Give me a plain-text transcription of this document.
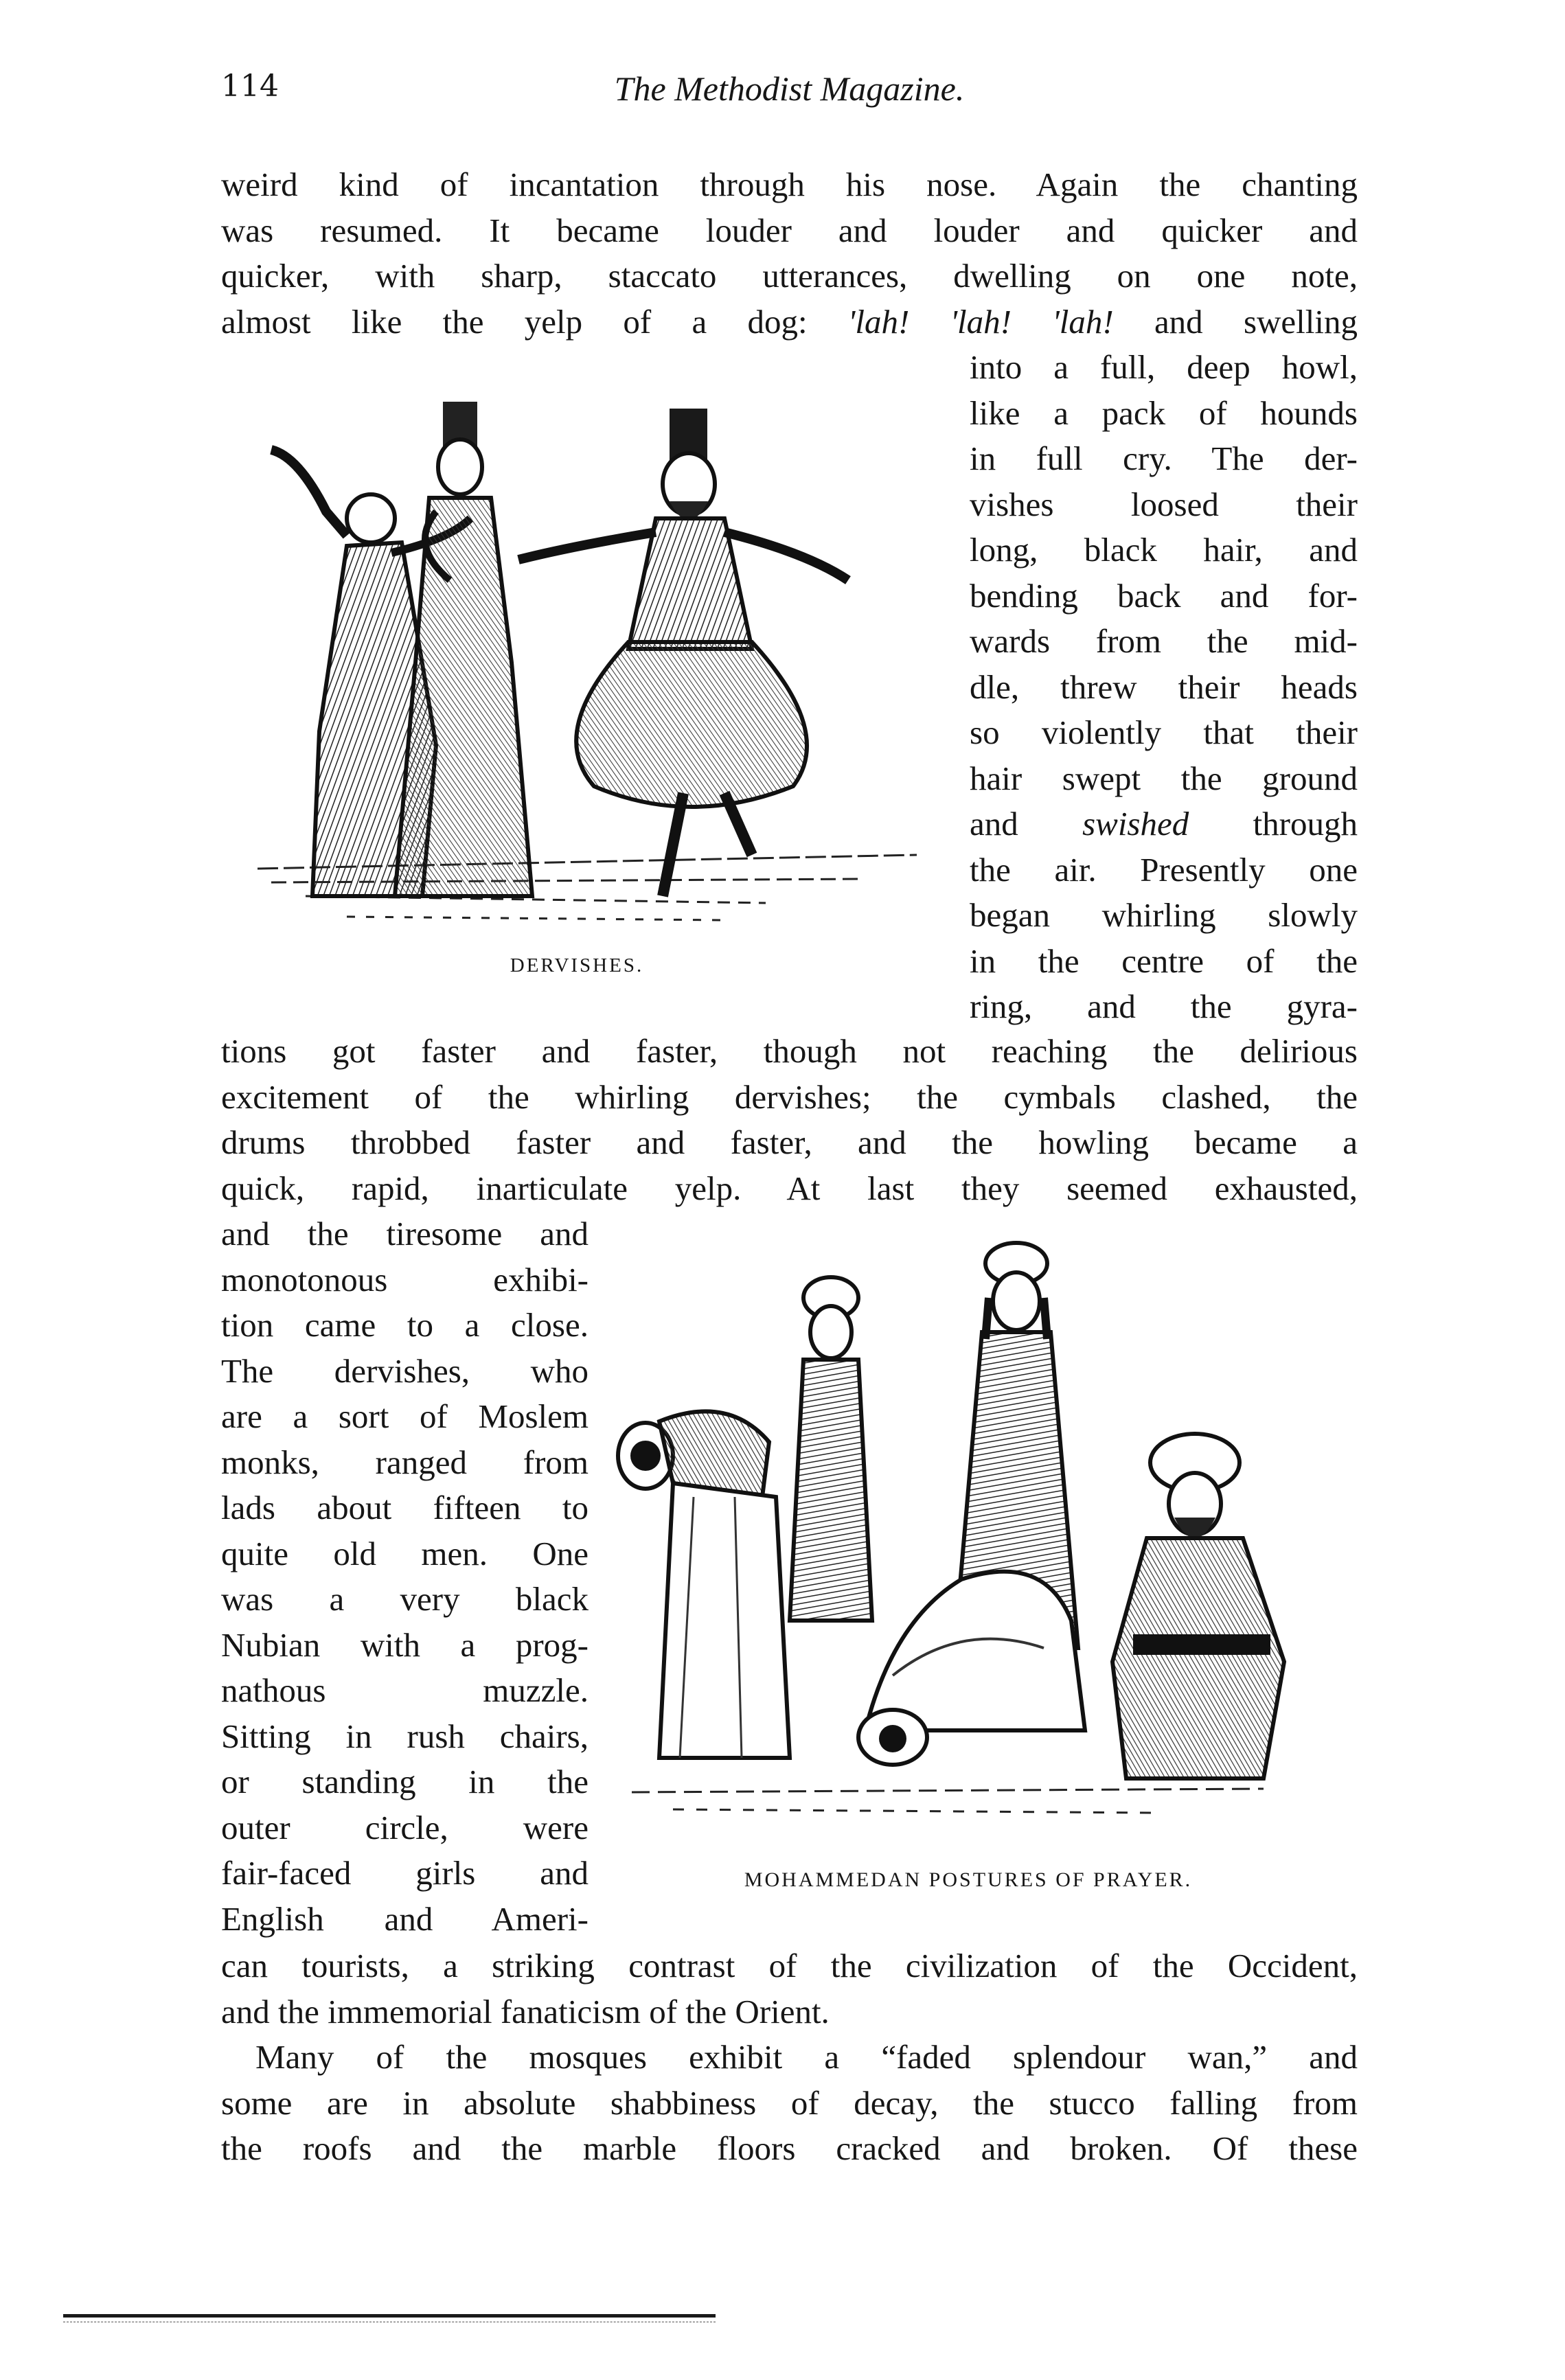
114	The Methodist Magazine.
weird kind of incantation through his nose. Again the chanting
was resumed. It became louder and louder and quicker and
quicker, with sharp, staccato utterances, dwelling on one note,
almost like the yelp of a dog: 'lah! 'lah! 'lah! and swelling
into a full, deep howl,
like a pack of hounds
in full cry. The der-
vishes loosed their
long, black hair, and
bending back and for-
wards from the mid-
dle, threw their heads
so violently that their
hair swept the ground
and swished through
the air. Presently one
began whirling slowly
in the centre of the
ring, and the gyra-
DERVISHES.
tions got faster and faster, though not reaching the delirious
excitement of the whirling dervishes; the cymbals clashed, the
drums throbbed faster and faster, and the howling became a
quick, rapid, inarticulate yelp. At last they seemed exhausted,
and the tiresome and
monotonous exhibi-
tion came to a close.
The dervishes, who
are a sort of Moslem
monks, ranged from
lads about fifteen to
quite old men. One
was a very black
Nubian with a prog-
nathous muzzle.
Sitting in rush chairs,
or standing in the
outer circle, were
fair-faced girls and
English and Ameri-
MOHAMMEDAN POSTURES OF PRAYER.
can tourists, a striking contrast of the civilization of the Occident,
and the immemorial fanaticism of the Orient.
Many of the mosques exhibit a “faded splendour wan,” and
some are in absolute shabbiness of decay, the stucco falling from
the roofs and the marble floors cracked and broken. Of these
